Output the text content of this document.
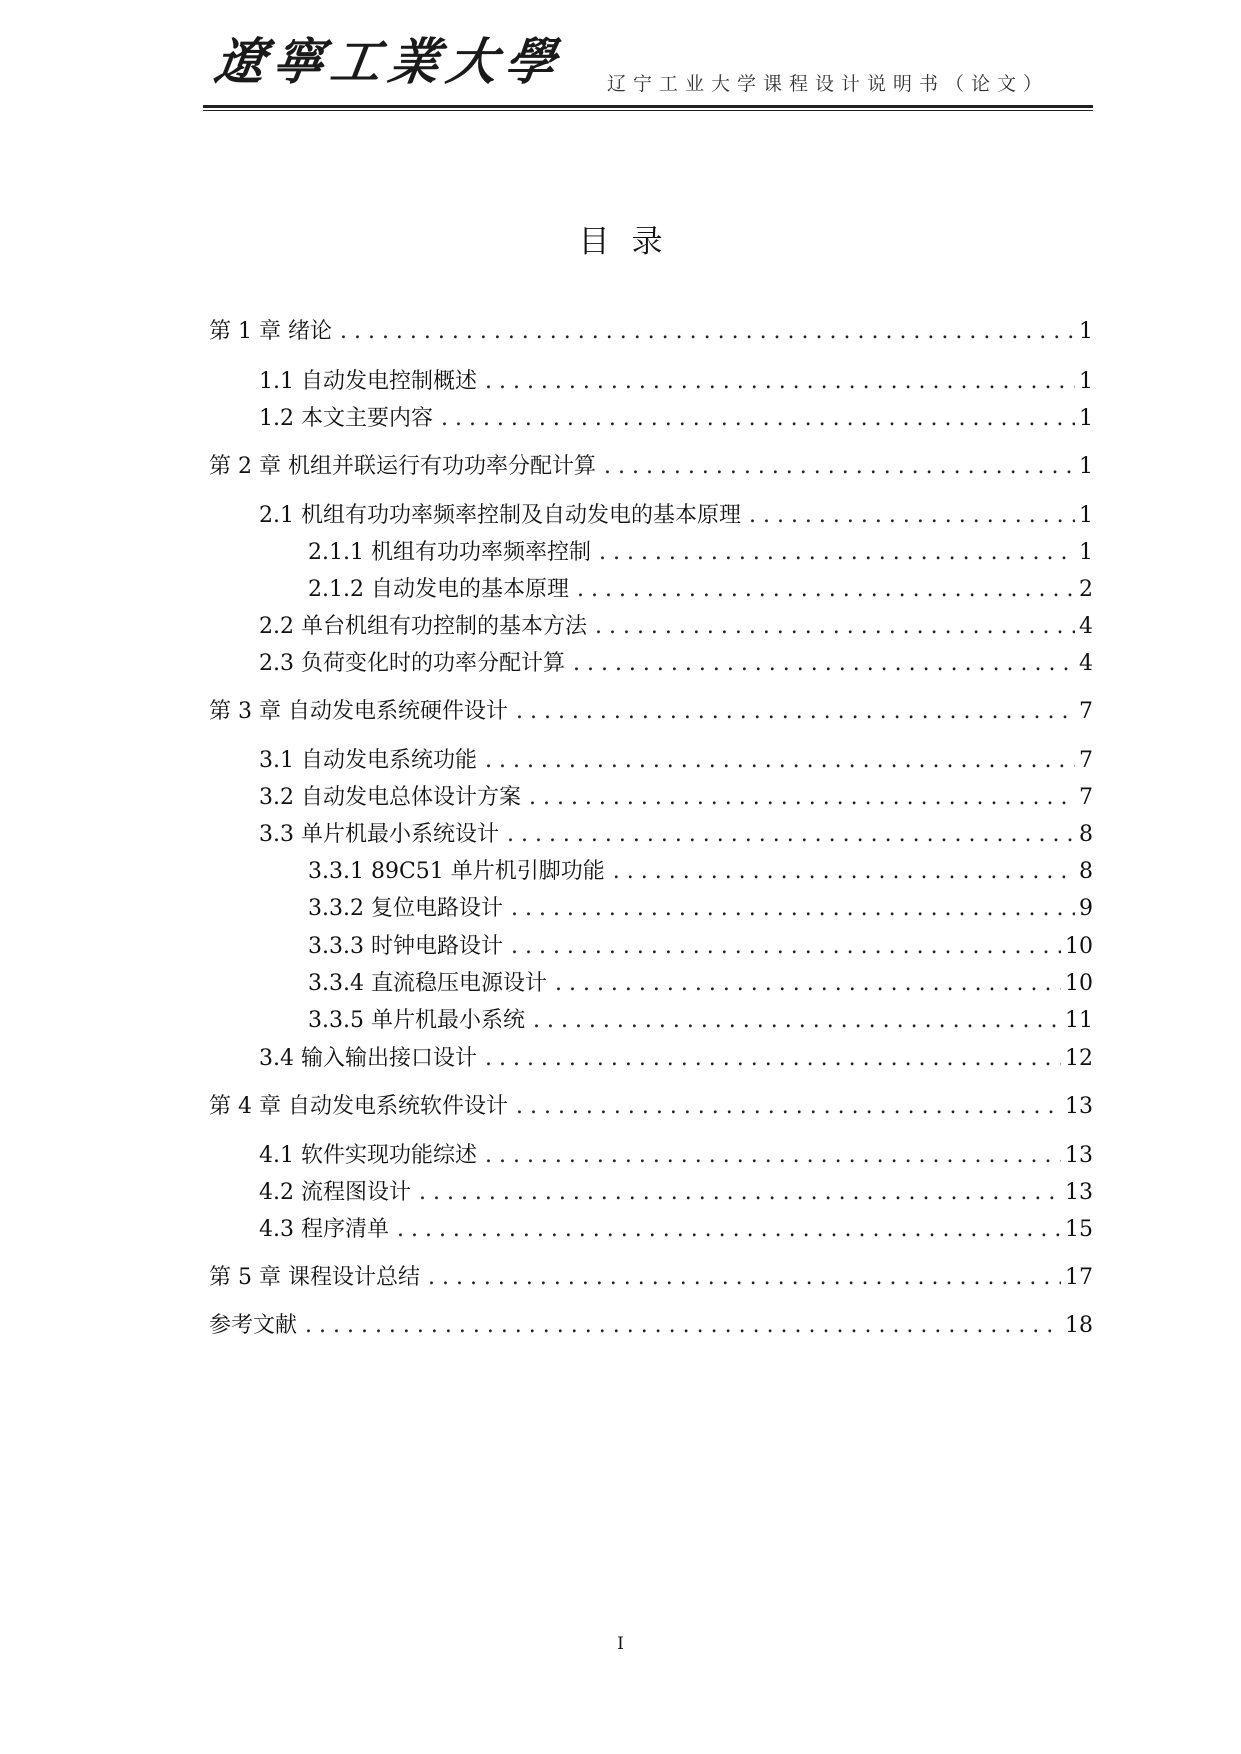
遼寧工業大學 辽宁工业大学课程设计说明书（论文）
目录
第 1 章 绪论 . . .	1
1.1 自动发电控制概述 . . .	1
1.2 本文主要内容 . . .	1
第 2 章 机组并联运行有功功率分配计算 . . .	1
2.1 机组有功功率频率控制及自动发电的基本原理 . . .	1
2.1.1 机组有功功率频率控制 . . .	1
2.1.2 自动发电的基本原理 . . .	2
2.2 单台机组有功控制的基本方法 . . .	4
2.3 负荷变化时的功率分配计算 . . .	4
第 3 章 自动发电系统硬件设计 . . .	7
3.1 自动发电系统功能 . . .	7
3.2 自动发电总体设计方案 . . .	7
3.3 单片机最小系统设计 . . .	8
3.3.1 89C51 单片机引脚功能 . . .	8
3.3.2 复位电路设计 . . .	9
3.3.3 时钟电路设计 . . .	10
3.3.4 直流稳压电源设计 . . .	10
3.3.5 单片机最小系统 . . .	11
3.4 输入输出接口设计 . . .	12
第 4 章 自动发电系统软件设计 . . .	13
4.1 软件实现功能综述 . . .	13
4.2 流程图设计 . . .	13
4.3 程序清单 . . .	15
第 5 章 课程设计总结 . . .	17
参考文献 . . .	18
I
